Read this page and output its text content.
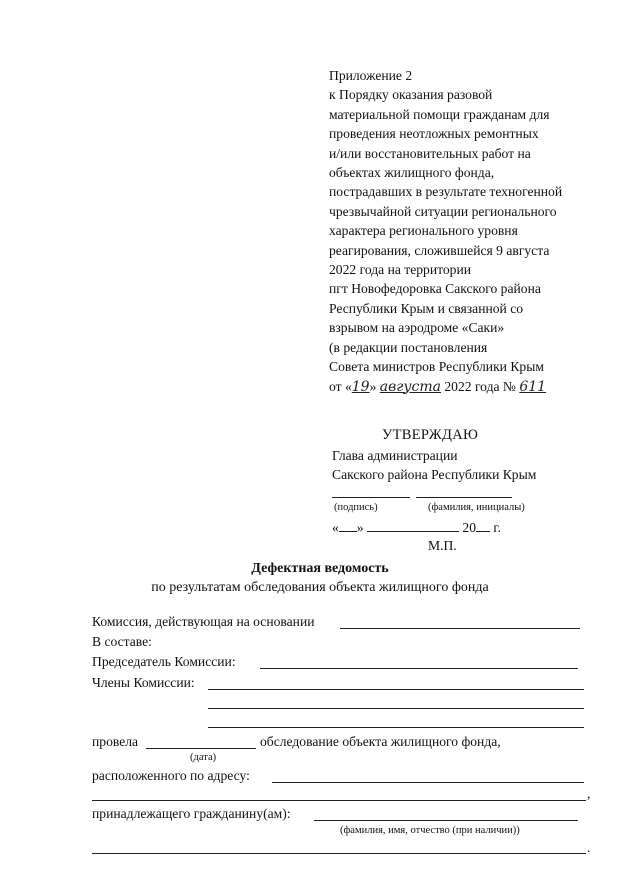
Приложение 2
к Порядку оказания разовой
материальной помощи гражданам для
проведения неотложных ремонтных
и/или восстановительных работ на
объектах жилищного фонда,
пострадавших в результате техногенной
чрезвычайной ситуации регионального
характера регионального уровня
реагирования, сложившейся 9 августа
2022 года на территории
пгт Новофедоровка Сакского района
Республики Крым и связанной со
взрывом на аэродроме «Саки»
(в редакции постановления
Совета министров Республики Крым
от «19» августа 2022 года № 611
УТВЕРЖДАЮ
Глава администрации
Сакского района Республики Крым
(подпись)	(фамилия, инициалы)
« »	20 г.
М.П.
Дефектная ведомость
по результатам обследования объекта жилищного фонда
Комиссия, действующая на основании
В составе:
Председатель Комиссии:
Члены Комиссии:
провела	обследование объекта жилищного фонда,
(дата)
расположенного по адресу:
,
принадлежащего гражданину(ам):
(фамилия, имя, отчество (при наличии))
.
